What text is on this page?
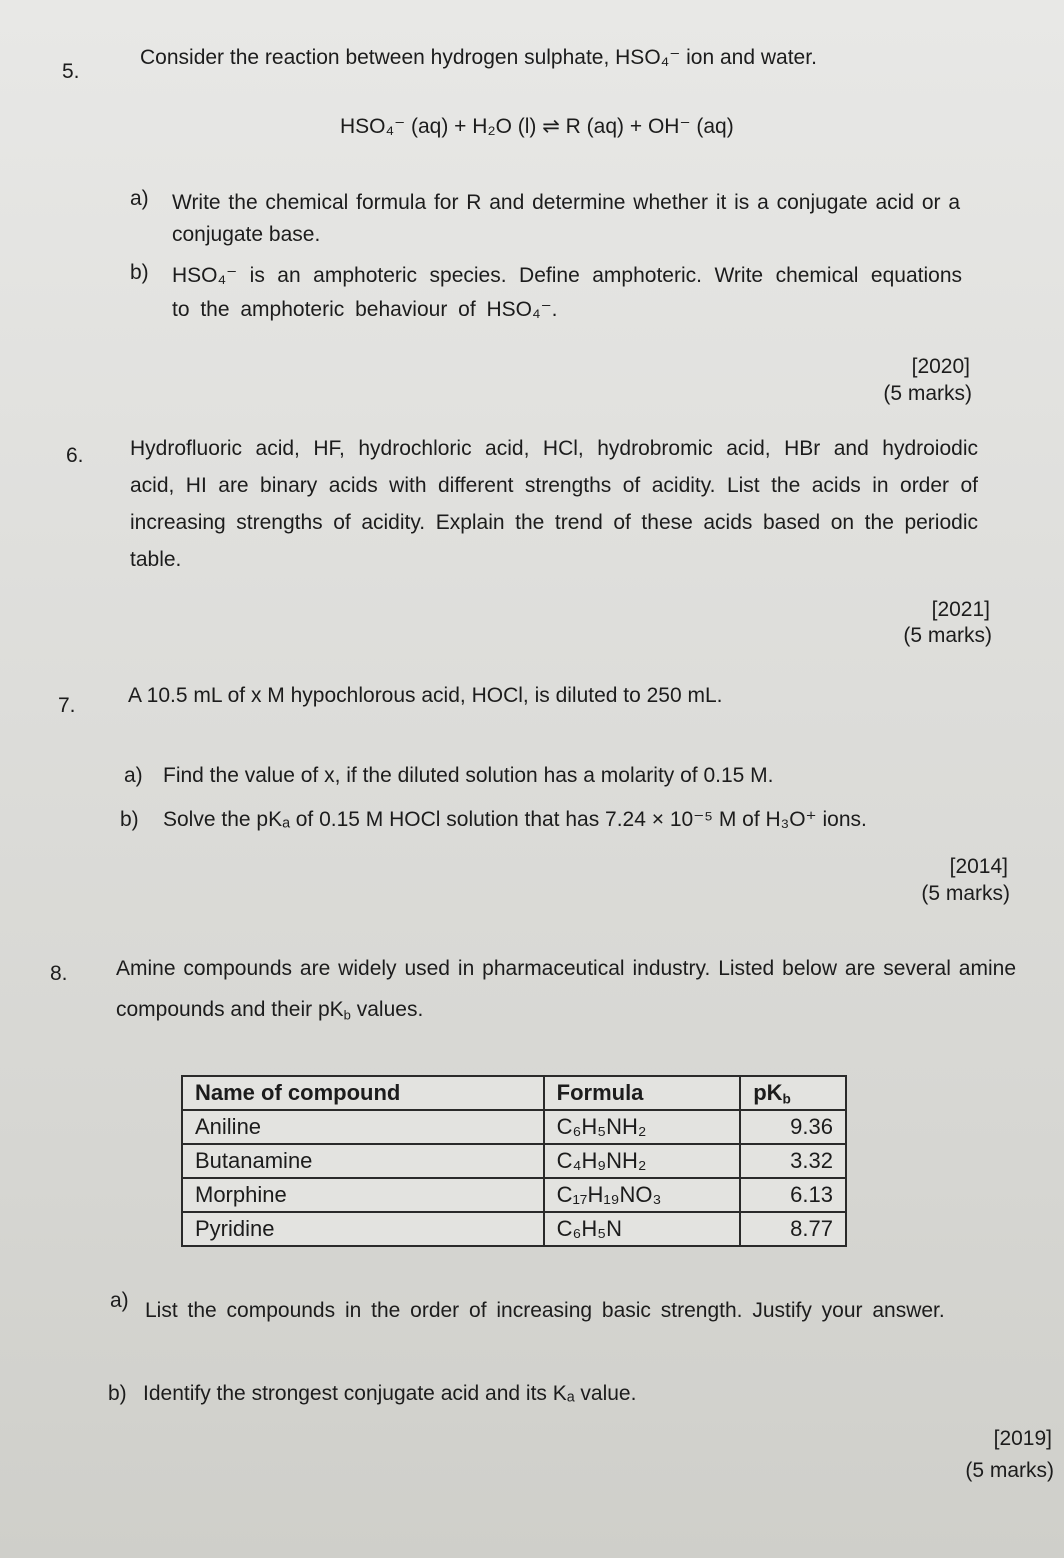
5.
Consider the reaction between hydrogen sulphate, HSO₄⁻ ion and water.
HSO₄⁻ (aq) + H₂O (l) ⇌ R (aq) + OH⁻ (aq)
a) Write the chemical formula for R and determine whether it is a conjugate acid or a conjugate base.
b) HSO₄⁻ is an amphoteric species. Define amphoteric. Write chemical equations to the amphoteric behaviour of HSO₄⁻.
[2020]
(5 marks)
6. Hydrofluoric acid, HF, hydrochloric acid, HCl, hydrobromic acid, HBr and hydroiodic acid, HI are binary acids with different strengths of acidity. List the acids in order of increasing strengths of acidity. Explain the trend of these acids based on the periodic table.
[2021]
(5 marks)
7. A 10.5 mL of x M hypochlorous acid, HOCl, is diluted to 250 mL.
a) Find the value of x, if the diluted solution has a molarity of 0.15 M.
b) Solve the pKₐ of 0.15 M HOCl solution that has 7.24 × 10⁻⁵ M of H₃O⁺ ions.
[2014]
(5 marks)
8. Amine compounds are widely used in pharmaceutical industry. Listed below are several amine compounds and their $pK_b$ values.
Name of compound	Formula	$pK_b$
Aniline	C₆H₅NH₂	9.36
Butanamine	C₄H₉NH₂	3.32
Morphine	C₁₇H₁₉NO₃	6.13
Pyridine	C₆H₅N	8.77
a) List the compounds in the order of increasing basic strength. Justify your answer.
b) Identify the strongest conjugate acid and its Kₐ value.
[2019]
(5 marks)
